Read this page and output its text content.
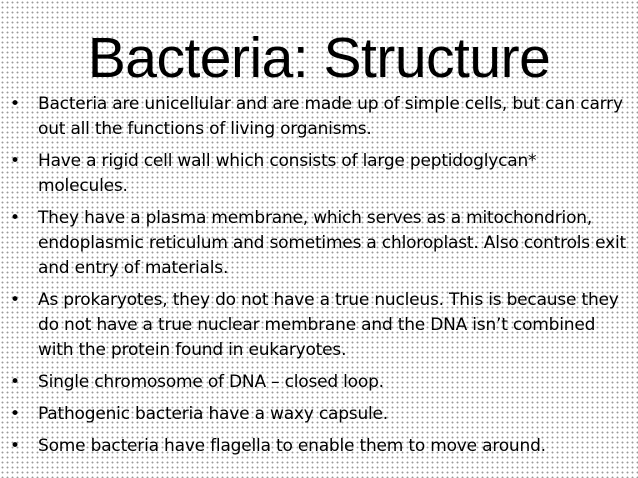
Bacteria: Structure
•	Bacteria are unicellular and are made up of simple cells, but can carry out all the functions of living organisms.
•	Have a rigid cell wall which consists of large peptidoglycan* molecules.
•	They have a plasma membrane, which serves as a mitochondrion, endoplasmic reticulum and sometimes a chloroplast. Also controls exit and entry of materials.
•	As prokaryotes, they do not have a true nucleus. This is because they do not have a true nuclear membrane and the DNA isn’t combined with the protein found in eukaryotes.
•	Single chromosome of DNA – closed loop.
•	Pathogenic bacteria have a waxy capsule.
•	Some bacteria have flagella to enable them to move around.
